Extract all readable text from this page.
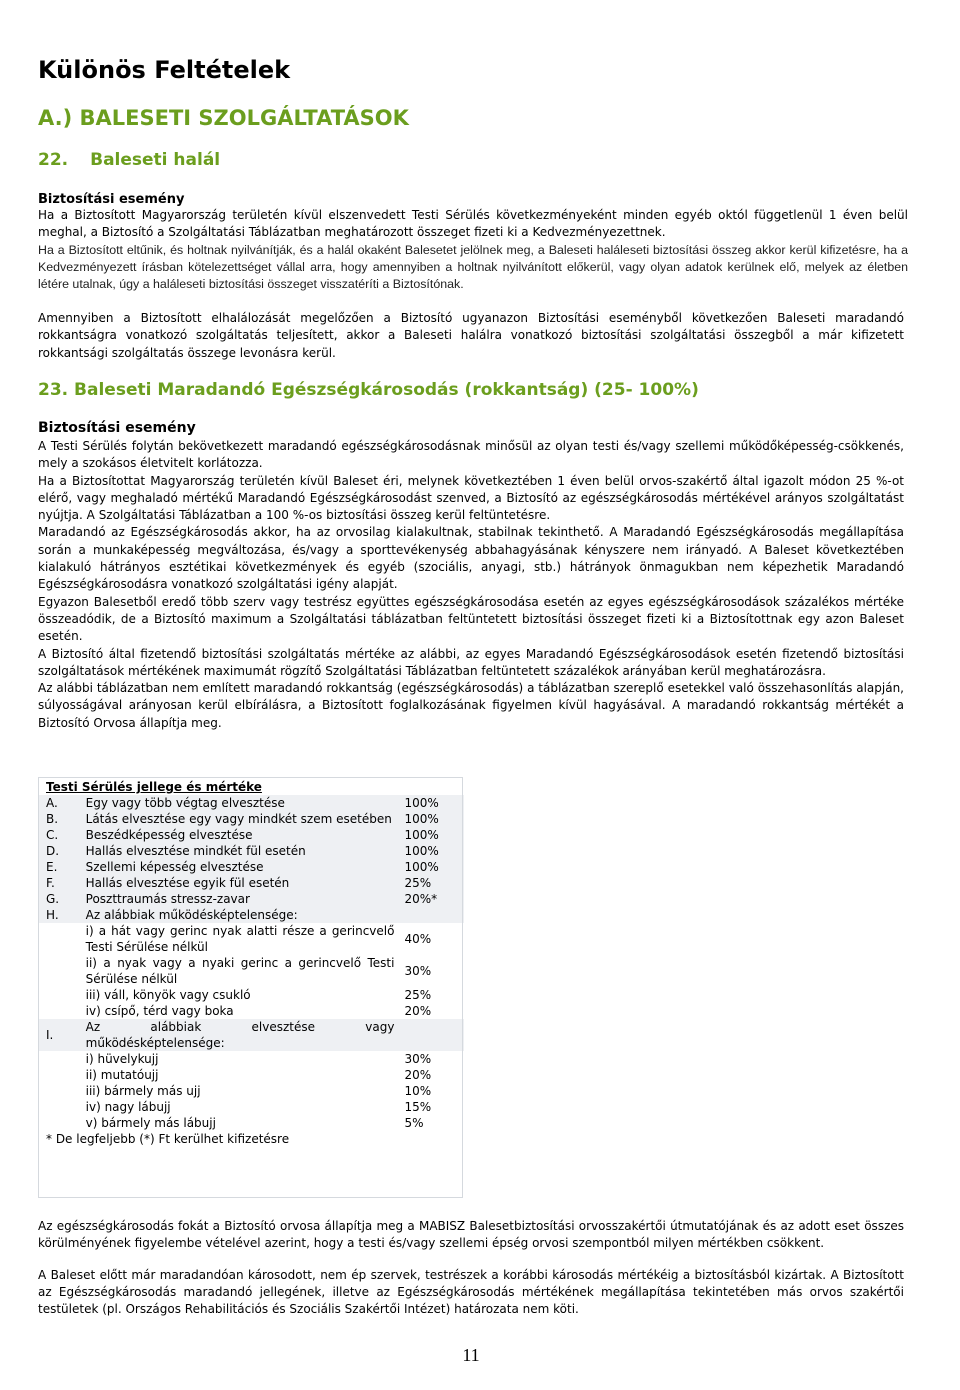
Különös Feltételek
A.) BALESETI SZOLGÁLTATÁSOK
22. Baleseti halál

Biztosítási esemény

Ha a Biztosított Magyarország területén kívül elszenvedett Testi Sérülés következményeként minden egyéb októl függetlenül 1 éven belül meghal, a Biztosító a Szolgáltatási Táblázatban meghatározott összeget fizeti ki a Kedvezményezettnek.

Ha a Biztosított eltűnik, és holtnak nyilvánítják, és a halál okaként Balesetet jelölnek meg, a Baleseti haláleseti biztosítási összeg akkor kerül kifizetésre, ha a Kedvezményezett írásban kötelezettséget vállal arra, hogy amennyiben a holtnak nyilvánított előkerül, vagy olyan adatok kerülnek elő, melyek az életben létére utalnak, úgy a haláleseti biztosítási összeget visszatéríti a Biztosítónak.

Amennyiben a Biztosított elhalálozását megelőzően a Biztosító ugyanazon Biztosítási eseményből következően Baleseti maradandó rokkantságra vonatkozó szolgáltatás teljesített, akkor a Baleseti halálra vonatkozó biztosítási szolgáltatási összegből a már kifizetett rokkantsági szolgáltatás összege levonásra kerül.

23. Baleseti Maradandó Egészségkárosodás (rokkantság) (25- 100%)

Biztosítási esemény

A Testi Sérülés folytán bekövetkezett maradandó egészségkárosodásnak minősül az olyan testi és/vagy szellemi működőképesség-csökkenés, mely a szokásos életvitelt korlátozza.

Ha a Biztosítottat Magyarország területén kívül Baleset éri, melynek következtében 1 éven belül orvos-szakértő által igazolt módon 25 %-ot elérő, vagy meghaladó mértékű Maradandó Egészségkárosodást szenved, a Biztosító az egészségkárosodás mértékével arányos szolgáltatást nyújtja. A Szolgáltatási Táblázatban a 100 %-os biztosítási összeg kerül feltüntetésre.

Maradandó az Egészségkárosodás akkor, ha az orvosilag kialakultnak, stabilnak tekinthető. A Maradandó Egészségkárosodás megállapítása során a munkaképesség megváltozása, és/vagy a sporttevékenység abbahagyásának kényszere nem irányadó. A Baleset következtében kialakuló hátrányos esztétikai következmények és egyéb (szociális, anyagi, stb.) hátrányok önmagukban nem képezhetik Maradandó Egészségkárosodásra vonatkozó szolgáltatási igény alapját.

Egyazon Balesetből eredő több szerv vagy testrész együttes egészségkárosodása esetén az egyes egészségkárosodások százalékos mértéke összeadódik, de a Biztosító maximum a Szolgáltatási táblázatban feltüntetett biztosítási összeget fizeti ki a Biztosítottnak egy azon Baleset esetén.

A Biztosító által fizetendő biztosítási szolgáltatás mértéke az alábbi, az egyes Maradandó Egészségkárosodások esetén fizetendő biztosítási szolgáltatások mértékének maximumát rögzítő Szolgáltatási Táblázatban feltüntetett százalékok arányában kerül meghatározásra.

Az alábbi táblázatban nem említett maradandó rokkantság (egészségkárosodás) a táblázatban szereplő esetekkel való összehasonlítás alapján, súlyosságával arányosan kerül elbírálásra, a Biztosított foglalkozásának figyelmen kívül hagyásával. A maradandó rokkantság mértékét a Biztosító Orvosa állapítja meg.

Testi Sérülés jellege és mértéke		
A.	Egy vagy több végtag elvesztése	100%
B.	Látás elvesztése egy vagy mindkét szem esetében	100%
C.	Beszédképesség elvesztése	100%
D.	Hallás elvesztése mindkét fül esetén	100%
E.	Szellemi képesség elvesztése	100%
F.	Hallás elvesztése egyik fül esetén	25%
G.	Poszttraumás stressz-zavar	20%*
H.	Az alábbiak működésképtelensége:	
	i) a hát vagy gerinc nyak alatti része a gerincvelő Testi Sérülése nélkül	40%
	ii) a nyak vagy a nyaki gerinc a gerincvelő Testi Sérülése nélkül	30%
	iii) váll, könyök vagy csukló	25%
	iv) csípő, térd vagy boka	20%
I.	Az alábbiak elvesztése vagy működésképtelensége:	
	i) hüvelykujj	30%
	ii) mutatóujj	20%
	iii) bármely más ujj	10%
	iv) nagy lábujj	15%
	v) bármely más lábujj	5%
* De legfeljebb (*) Ft kerülhet kifizetésre		

Az egészségkárosodás fokát a Biztosító orvosa állapítja meg a MABISZ Balesetbiztosítási orvosszakértői útmutatójának és az adott eset összes körülményének figyelembe vételével azerint, hogy a testi és/vagy szellemi épség orvosi szempontból milyen mértékben csökkent.

A Baleset előtt már maradandóan károsodott, nem ép szervek, testrészek a korábbi károsodás mértékéig a biztosításból kizártak. A Biztosított az Egészségkárosodás maradandó jellegének, illetve az Egészségkárosodás mértékének megállapítása tekintetében más orvos szakértői testületek (pl. Országos Rehabilitációs és Szociális Szakértői Intézet) határozata nem köti.

11
